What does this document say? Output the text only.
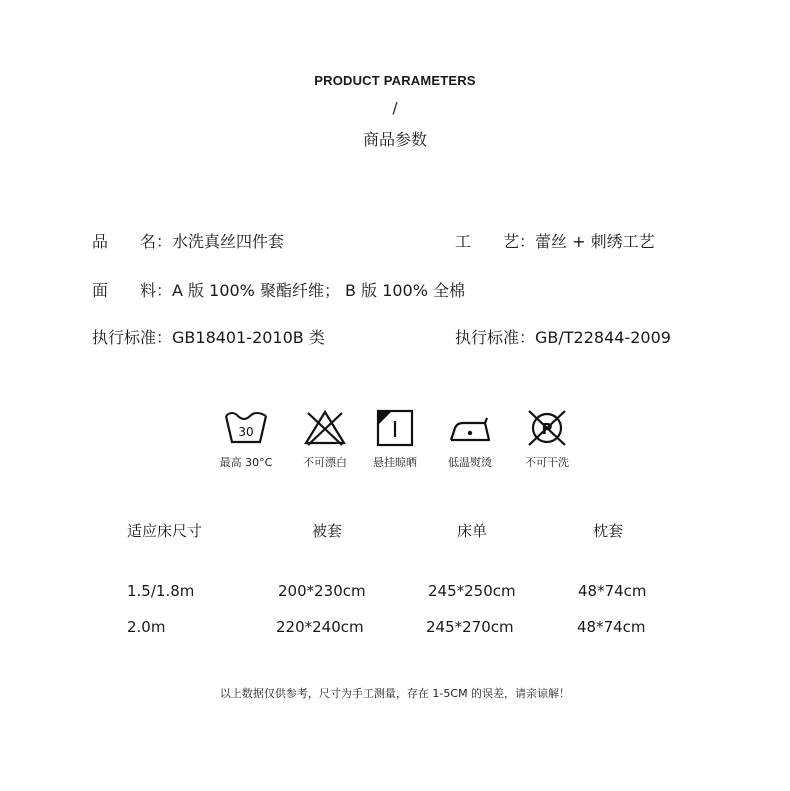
PRODUCT PARAMETERS
/
商品参数
品　　名：水洗真丝四件套	工　　艺：蕾丝 + 刺绣工艺
面　　料：A 版 100% 聚酯纤维； B 版 100% 全棉
执行标准：GB18401-2010B 类	执行标准：GB/T22844-2009
30
最高 30°C	不可漂白	悬挂晾晒	低温熨烫
P
不可干洗
适应床尺寸	被套	床单	枕套
1.5/1.8m	200*230cm	245*250cm	48*74cm
2.0m	220*240cm	245*270cm	48*74cm
以上数据仅供参考，尺寸为手工测量，存在 1-5CM 的误差，请亲谅解！
